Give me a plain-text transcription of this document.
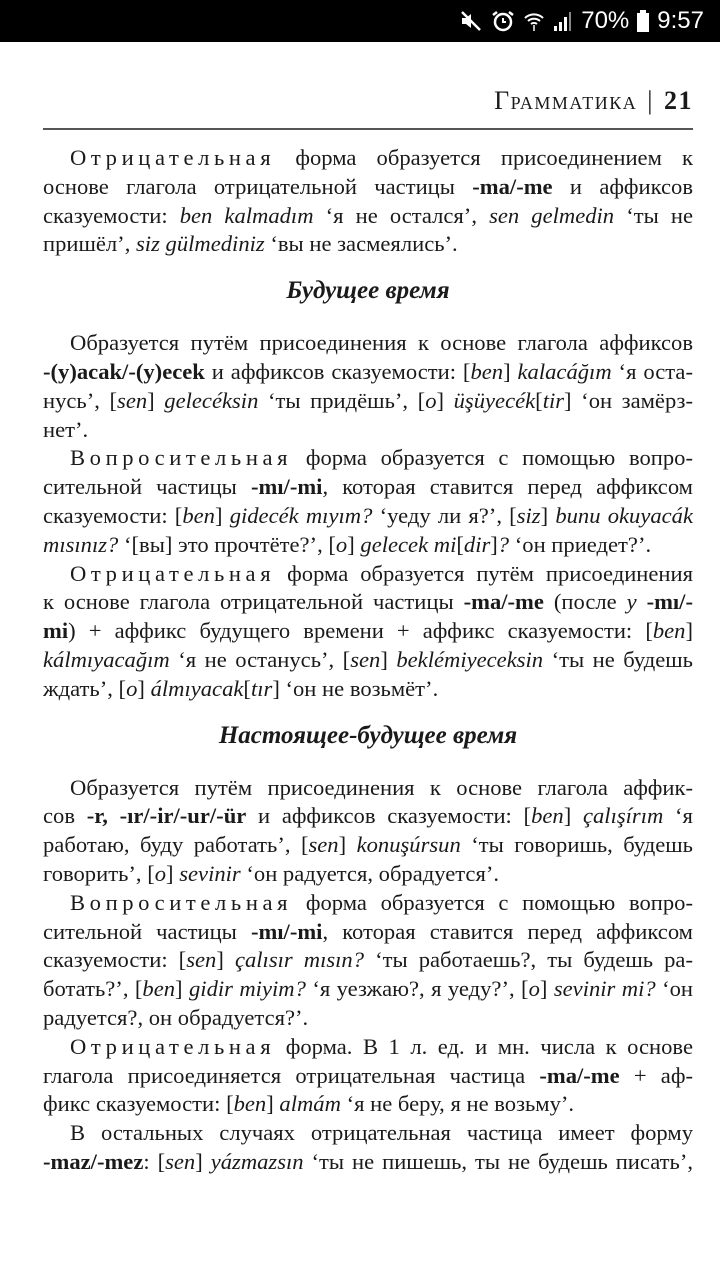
70% 9:57
Грамматика | 21
Отрицательная форма образуется присоединением к
основе глагола отрицательной частицы -ma/-me и аффиксов
сказуемости: ben kalmadım ‘я не остался’, sen gelmedin ‘ты не
пришёл’, siz gülmediniz ‘вы не засмеялись’.
Будущее время
Образуется путём присоединения к основе глагола аффиксов
-(y)acak/-(y)ecek и аффиксов сказуемости: [ben] kalacáğım ‘я оста-
нусь’, [sen] gelecéksin ‘ты придёшь’, [o] üşüyecék[tir] ‘он замёрз-
нет’.
Вопросительная форма образуется с помощью вопро-
сительной частицы -mı/-mi, которая ставится перед аффиксом
сказуемости: [ben] gidecék mıyım? ‘уеду ли я?’, [siz] bunu okuyacák
mısınız? ‘[вы] это прочтёте?’, [o] gelecek mi[dir]? ‘он приедет?’.
Отрицательная форма образуется путём присоединения
к основе глагола отрицательной частицы -ma/-me (после y -mı/-
mi) + аффикс будущего времени + аффикс сказуемости: [ben]
kálmıyacağım ‘я не останусь’, [sen] beklémiyeceksin ‘ты не будешь
ждать’, [o] álmıyacak[tır] ‘он не возьмёт’.
Настоящее-будущее время
Образуется путём присоединения к основе глагола аффик-
сов -r, -ır/-ir/-ur/-ür и аффиксов сказуемости: [ben] çalışírım ‘я
работаю, буду работать’, [sen] konuşúrsun ‘ты говоришь, будешь
говорить’, [o] sevinir ‘он радуется, обрадуется’.
Вопросительная форма образуется с помощью вопро-
сительной частицы -mı/-mi, которая ставится перед аффиксом
сказуемости: [sen] çalısır mısın? ‘ты работаешь?, ты будешь ра-
ботать?’, [ben] gidir miyim? ‘я уезжаю?, я уеду?’, [o] sevinir mi? ‘он
радуется?, он обрадуется?’.
Отрицательная форма. В 1 л. ед. и мн. числа к основе
глагола присоединяется отрицательная частица -ma/-me + аф-
фикс сказуемости: [ben] almám ‘я не беру, я не возьму’.
В остальных случаях отрицательная частица имеет форму
-maz/-mez: [sen] yázmazsın ‘ты не пишешь, ты не будешь писать’,
